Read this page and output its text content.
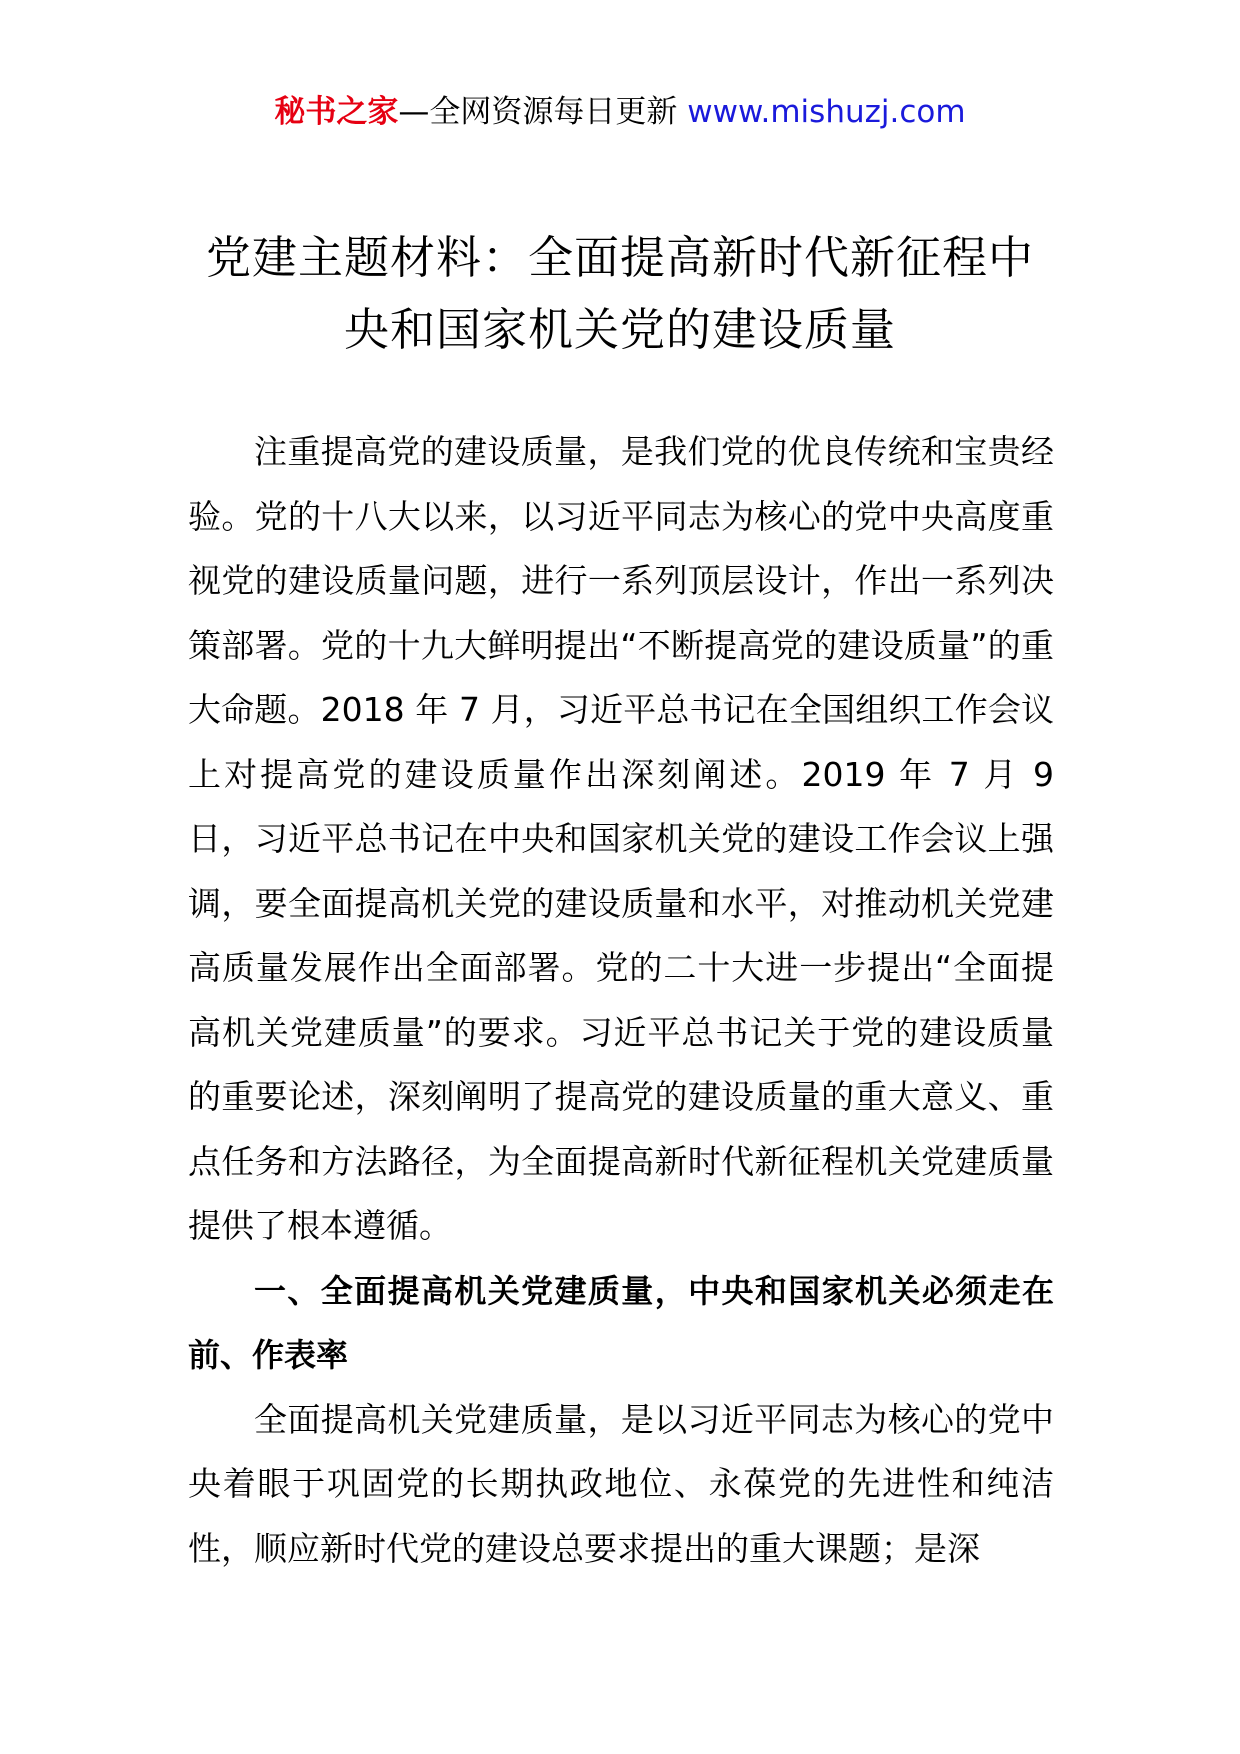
秘书之家—全网资源每日更新 www.mishuzj.com
党建主题材料：全面提高新时代新征程中
央和国家机关党的建设质量

注重提高党的建设质量，是我们党的优良传统和宝贵经验。党的十八大以来，以习近平同志为核心的党中央高度重视党的建设质量问题，进行一系列顶层设计，作出一系列决策部署。党的十九大鲜明提出“不断提高党的建设质量”的重大命题。2018 年 7 月，习近平总书记在全国组织工作会议上对提高党的建设质量作出深刻阐述。2019 年 7 月 9 日，习近平总书记在中央和国家机关党的建设工作会议上强调，要全面提高机关党的建设质量和水平，对推动机关党建高质量发展作出全面部署。党的二十大进一步提出“全面提高机关党建质量”的要求。习近平总书记关于党的建设质量的重要论述，深刻阐明了提高党的建设质量的重大意义、重点任务和方法路径，为全面提高新时代新征程机关党建质量提供了根本遵循。

一、全面提高机关党建质量，中央和国家机关必须走在前、作表率

全面提高机关党建质量，是以习近平同志为核心的党中央着眼于巩固党的长期执政地位、永葆党的先进性和纯洁性，顺应新时代党的建设总要求提出的重大课题；是深
